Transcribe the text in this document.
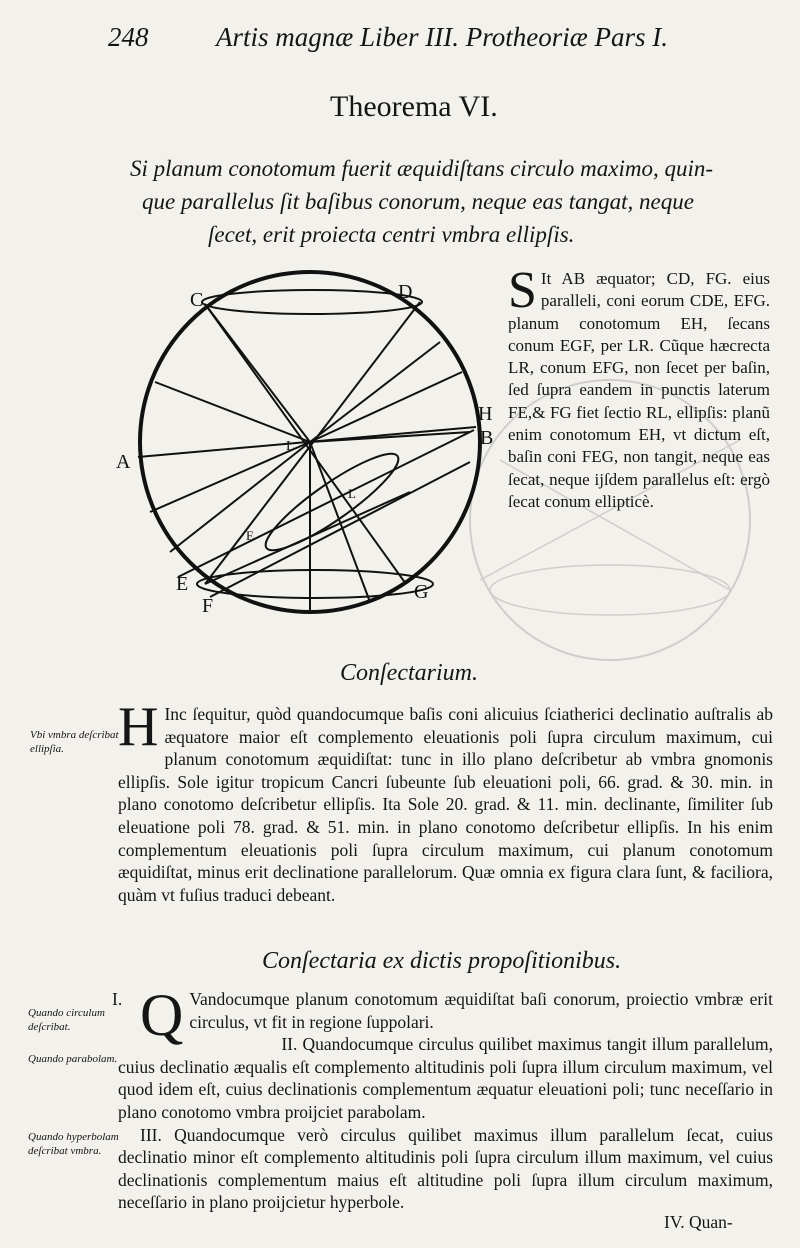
248	Artis magnæ Liber III. Protheoriæ Pars I.
Theorema VI.
Si planum conotomum fuerit æquidiſtans circulo maximo, quin-
que parallelus ſit baſibus conorum, neque eas tangat, neque
ſecet, erit proiecta centri vmbra ellipſis.
C	D
A
H
B
E
F
G
L
E
L

S It AB æquator; CD, FG. eius paralleli, coni eorum CDE, EFG. planum conotomum EH, ſecans conum EGF, per LR. Cũque hæcrecta LR, conum EFG, non ſecet per baſin, ſed ſupra eandem in punctis laterum FE,& FG fiet ſectio RL, ellipſis: planũ enim conotomum EH, vt dictum eſt, baſin coni FEG, non tangit, neque eas ſecat, neque ijſdem parallelus eſt: ergò ſecat conum ellipticè.

Conſectarium.
Vbi vmbra deſcribat ellipſia. H Inc ſequitur, quòd quandocumque baſis coni alicuius ſciatherici declinatio auſtralis ab æquatore maior eſt complemento eleuationis poli ſupra circulum maximum, cui planum conotomum æquidiſtat: tunc in illo plano deſcribetur ab vmbra gnomonis ellipſis. Sole igitur tropicum Cancri ſubeunte ſub eleuationi poli, 66. grad. & 30. min. in plano conotomo deſcribetur ellipſis. Ita Sole 20. grad. & 11. min. declinante, ſimiliter ſub eleuatione poli 78. grad. & 51. min. in plano conotomo deſcribetur ellipſis. In his enim complementum eleuationis poli ſupra circulum maximum, cui planum conotomum æquidiſtat, minus erit declinatione parallelorum. Quæ omnia ex figura clara ſunt, & faciliora, quàm vt fuſius traduci debeant.

Conſectaria ex dictis propoſitionibus.
Quando circulum deſcribat.
Quando parabolam.
Quando hyperbolam deſcribat vmbra.
I. Q Vandocumque planum conotomum æquidiſtat baſi conorum, proiectio vmbræ erit circulus, vt fit in regione ſuppolari.

II. Quandocumque circulus quilibet maximus tangit illum parallelum, cuius declinatio æqualis eſt complemento altitudinis poli ſupra illum circulum maximum, vel quod idem eſt, cuius declinationis complementum æquatur eleuationi poli; tunc neceſſario in plano conotomo vmbra proijciet parabolam.

III. Quandocumque verò circulus quilibet maximus illum parallelum ſecat, cuius declinatio minor eſt complemento altitudinis poli ſupra circulum illum maximum, vel cuius declinationis complementum maius eſt altitudine poli ſupra illum circulum maximum, neceſſario in plano proijcietur hyperbole.

IV. Quan-
